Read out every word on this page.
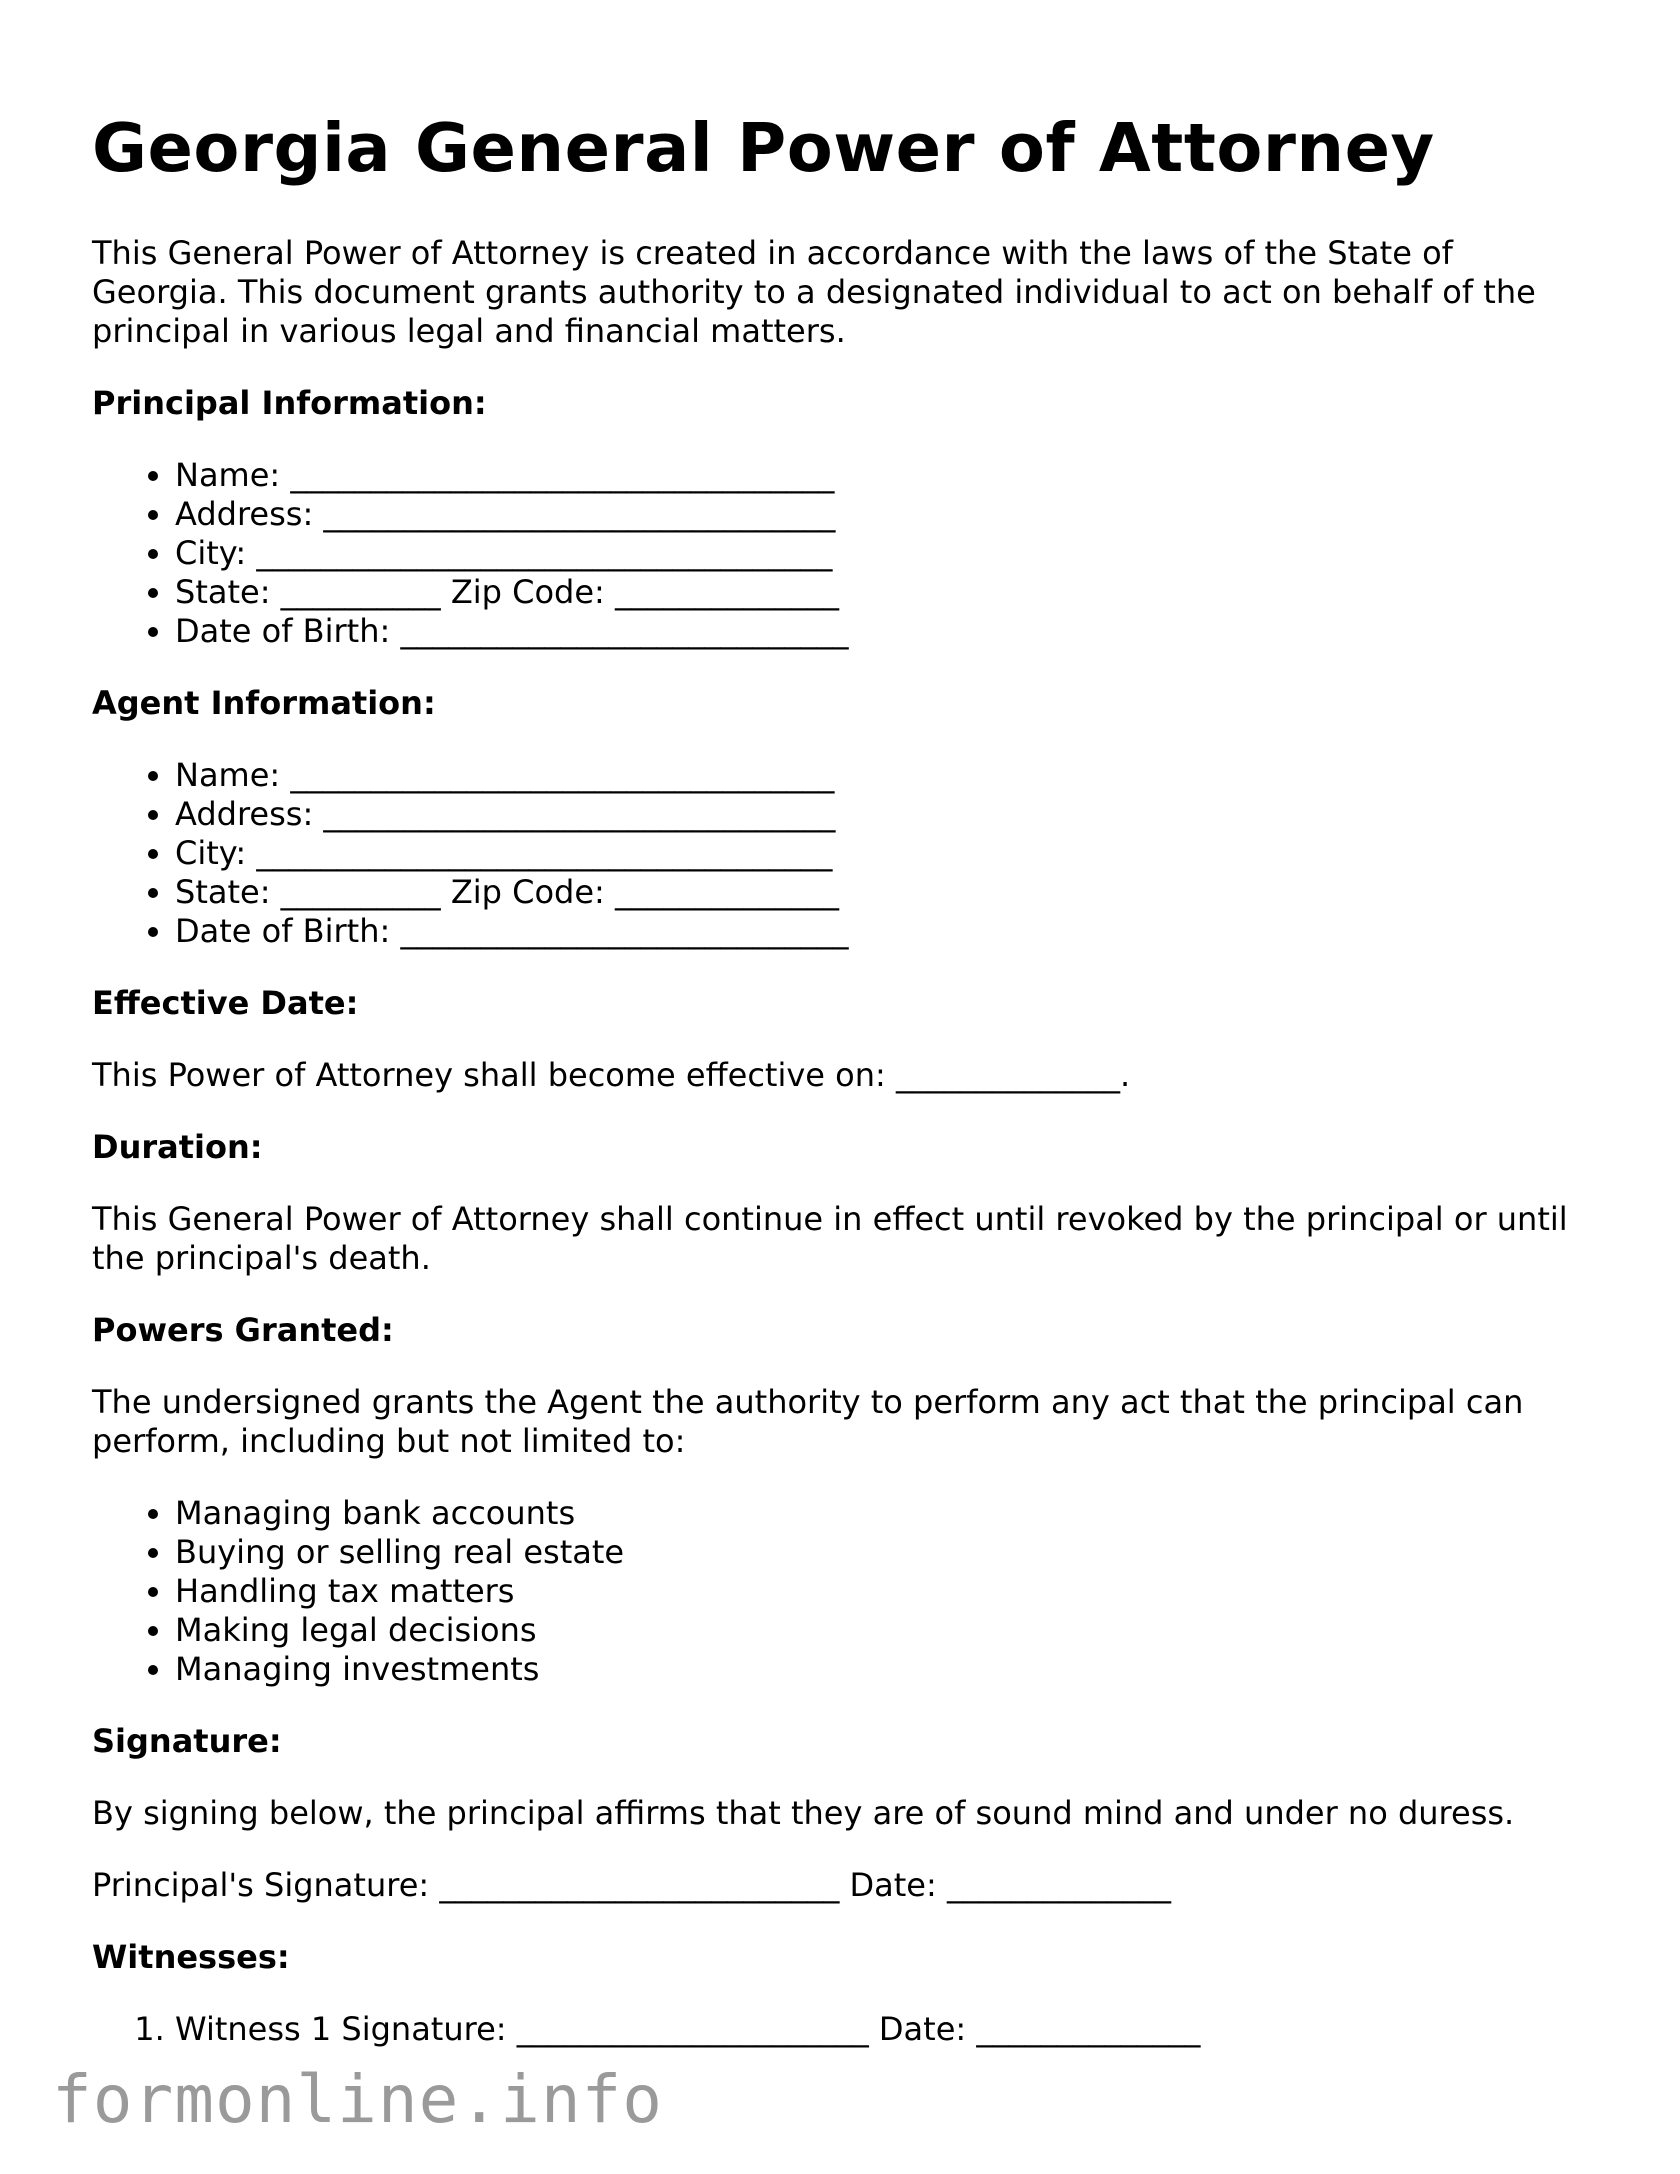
Georgia General Power of Attorney

This General Power of Attorney is created in accordance with the laws of the State of Georgia. This document grants authority to a designated individual to act on behalf of the principal in various legal and financial matters.

Principal Information:
• Name: __________________________________
• Address: ________________________________
• City: ____________________________________
• State: __________ Zip Code: ______________
• Date of Birth: ____________________________
Agent Information:
• Name: __________________________________
• Address: ________________________________
• City: ____________________________________
• State: __________ Zip Code: ______________
• Date of Birth: ____________________________
Effective Date:

This Power of Attorney shall become effective on: ______________.

Duration:

This General Power of Attorney shall continue in effect until revoked by the principal or until the principal's death.

Powers Granted:

The undersigned grants the Agent the authority to perform any act that the principal can perform, including but not limited to:

• Managing bank accounts
• Buying or selling real estate
• Handling tax matters
• Making legal decisions
• Managing investments
Signature:

By signing below, the principal affirms that they are of sound mind and under no duress.

Principal's Signature: _________________________ Date: ______________

Witnesses:
1. Witness 1 Signature: ______________________ Date: ______________
formonline.info
